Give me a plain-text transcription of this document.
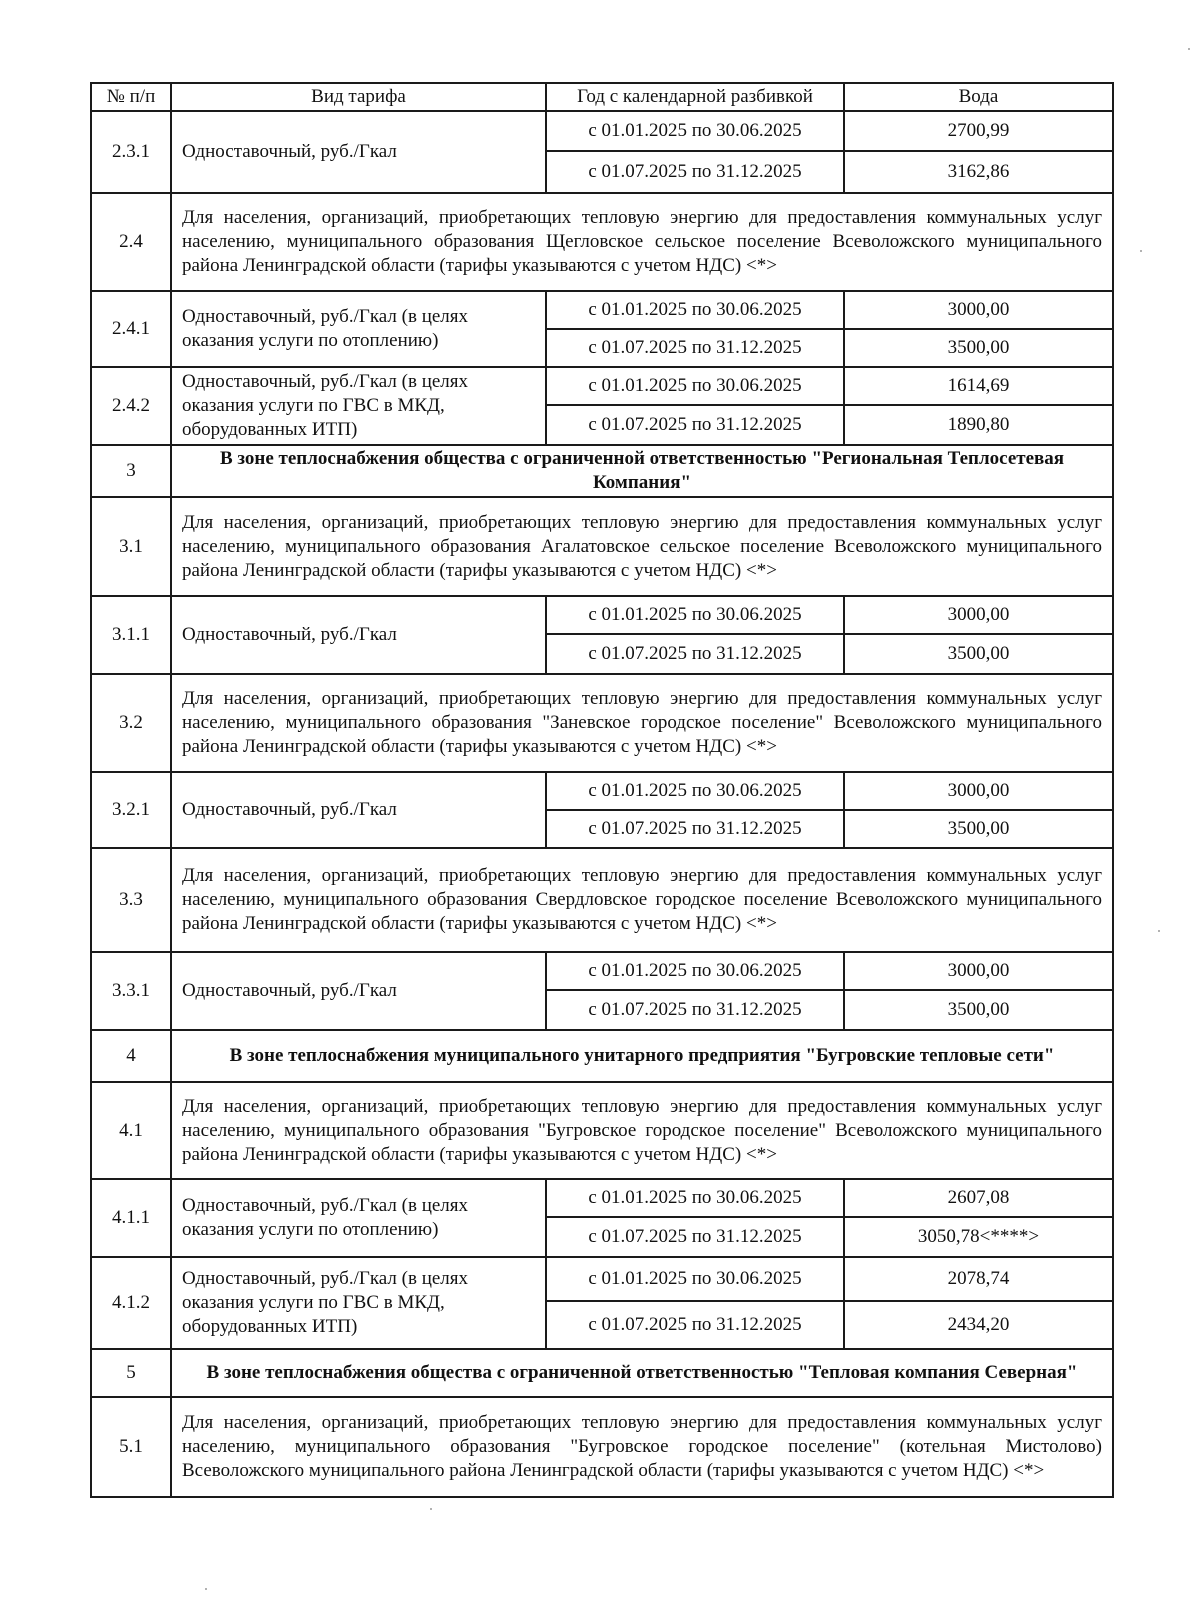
№ п/п	Вид тарифа	Год с календарной разбивкой	Вода
2.3.1	Одноставочный, руб./Гкал	с 01.01.2025 по 30.06.2025	2700,99
		с 01.07.2025 по 31.12.2025	3162,86
2.4	Для населения, организаций, приобретающих тепловую энергию для предоставления коммунальных услуг населению, муниципального образования Щегловское сельское поселение Всеволожского муниципального района Ленинградской области (тарифы указываются с учетом НДС) <*>		
2.4.1	Одноставочный, руб./Гкал (в целях оказания услуги по отоплению)	с 01.01.2025 по 30.06.2025	3000,00
		с 01.07.2025 по 31.12.2025	3500,00
2.4.2	Одноставочный, руб./Гкал (в целях оказания услуги по ГВС в МКД, оборудованных ИТП)	с 01.01.2025 по 30.06.2025	1614,69
		с 01.07.2025 по 31.12.2025	1890,80
3	В зоне теплоснабжения общества с ограниченной ответственностью "Региональная Теплосетевая Компания"		
3.1	Для населения, организаций, приобретающих тепловую энергию для предоставления коммунальных услуг населению, муниципального образования Агалатовское сельское поселение Всеволожского муниципального района Ленинградской области (тарифы указываются с учетом НДС) <*>		
3.1.1	Одноставочный, руб./Гкал	с 01.01.2025 по 30.06.2025	3000,00
		с 01.07.2025 по 31.12.2025	3500,00
3.2	Для населения, организаций, приобретающих тепловую энергию для предоставления коммунальных услуг населению, муниципального образования "Заневское городское поселение" Всеволожского муниципального района Ленинградской области (тарифы указываются с учетом НДС) <*>		
3.2.1	Одноставочный, руб./Гкал	с 01.01.2025 по 30.06.2025	3000,00
		с 01.07.2025 по 31.12.2025	3500,00
3.3	Для населения, организаций, приобретающих тепловую энергию для предоставления коммунальных услуг населению, муниципального образования Свердловское городское поселение Всеволожского муниципального района Ленинградской области (тарифы указываются с учетом НДС) <*>		
3.3.1	Одноставочный, руб./Гкал	с 01.01.2025 по 30.06.2025	3000,00
		с 01.07.2025 по 31.12.2025	3500,00
4	В зоне теплоснабжения муниципального унитарного предприятия "Бугровские тепловые сети"		
4.1	Для населения, организаций, приобретающих тепловую энергию для предоставления коммунальных услуг населению, муниципального образования "Бугровское городское поселение" Всеволожского муниципального района Ленинградской области (тарифы указываются с учетом НДС) <*>		
4.1.1	Одноставочный, руб./Гкал (в целях оказания услуги по отоплению)	с 01.01.2025 по 30.06.2025	2607,08
		с 01.07.2025 по 31.12.2025	3050,78<****>
4.1.2	Одноставочный, руб./Гкал (в целях оказания услуги по ГВС в МКД, оборудованных ИТП)	с 01.01.2025 по 30.06.2025	2078,74
		с 01.07.2025 по 31.12.2025	2434,20
5	В зоне теплоснабжения общества с ограниченной ответственностью "Тепловая компания Северная"		
5.1	Для населения, организаций, приобретающих тепловую энергию для предоставления коммунальных услуг населению, муниципального образования "Бугровское городское поселение" (котельная Мистолово) Всеволожского муниципального района Ленинградской области (тарифы указываются с учетом НДС) <*>		
